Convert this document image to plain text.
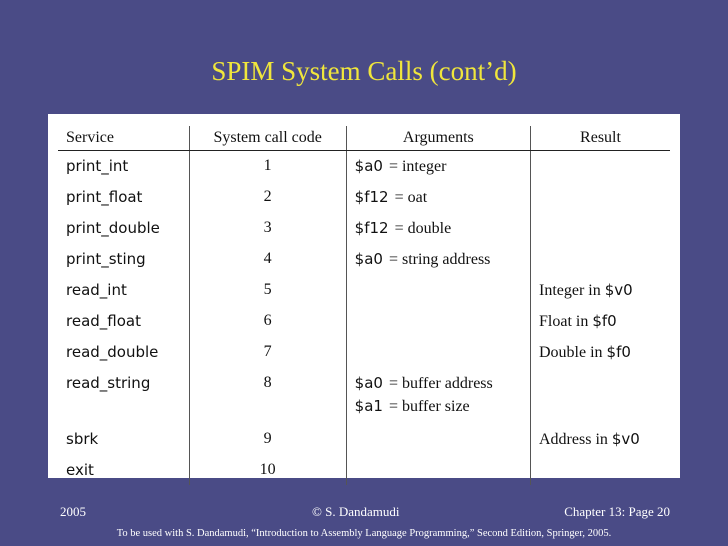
SPIM System Calls (cont’d)
Service	System call code	Arguments	Result
print_int	1	$a0 = integer	
print_float	2	$f12 = oat	
print_double	3	$f12 = double	
print_sting	4	$a0 = string address	
read_int	5		Integer in $v0
read_float	6		Float in $f0
read_double	7		Double in $f0
read_string	8	$a0 = buffer address
$a1 = buffer size	

sbrk	9		Address in $v0
exit	10		
2005	© S. Dandamudi	Chapter 13: Page 20
To be used with S. Dandamudi, “Introduction to Assembly Language Programming,” Second Edition, Springer, 2005.
